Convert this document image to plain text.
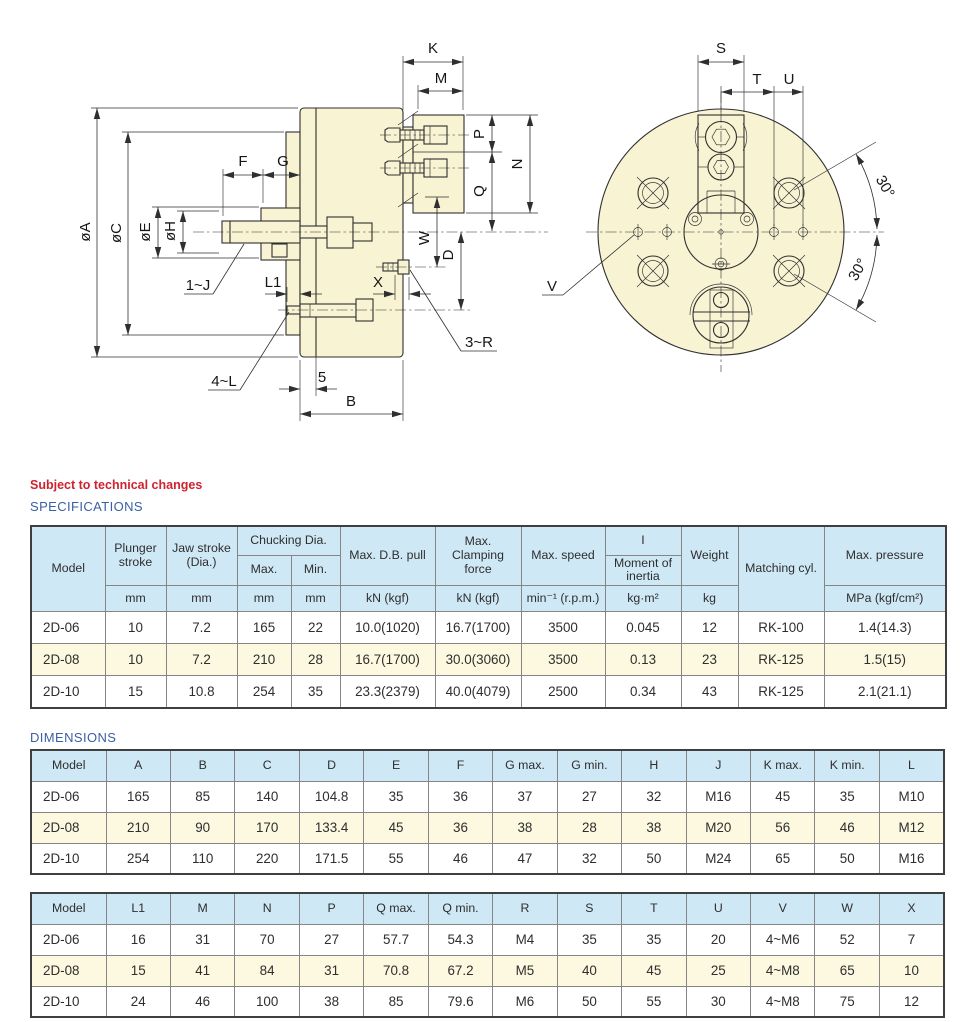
K
M
P
Q
N
W
D
øA øC øE øH
F G
L1	X
5
B
1~J
4~L
3~R
S
T U
V
30°
30°
Subject to technical changes
SPECIFICATIONS
Model	Plunger stroke	Jaw stroke (Dia.)	Chucking Dia.		Max. D.B. pull	Max. Clamping force	Max. speed	I	Weight	Matching cyl.	Max. pressure
			Max.	Min.				Moment of inertia			
	mm	mm	mm	mm	kN (kgf)	kN (kgf)	min⁻¹ (r.p.m.)	kg·m²	kg		MPa (kgf/cm²)
2D-06	10	7.2	165	22	10.0(1020)	16.7(1700)	3500	0.045	12	RK-100	1.4(14.3)
2D-08	10	7.2	210	28	16.7(1700)	30.0(3060)	3500	0.13	23	RK-125	1.5(15)
2D-10	15	10.8	254	35	23.3(2379)	40.0(4079)	2500	0.34	43	RK-125	2.1(21.1)
DIMENSIONS
Model	A	B	C	D	E	F	G max.	G min.	H	J	K max.	K min.	L
2D-06	165	85	140	104.8	35	36	37	27	32	M16	45	35	M10
2D-08	210	90	170	133.4	45	36	38	28	38	M20	56	46	M12
2D-10	254	110	220	171.5	55	46	47	32	50	M24	65	50	M16
Model	L1	M	N	P	Q max.	Q min.	R	S	T	U	V	W	X
2D-06	16	31	70	27	57.7	54.3	M4	35	35	20	4~M6	52	7
2D-08	15	41	84	31	70.8	67.2	M5	40	45	25	4~M8	65	10
2D-10	24	46	100	38	85	79.6	M6	50	55	30	4~M8	75	12
